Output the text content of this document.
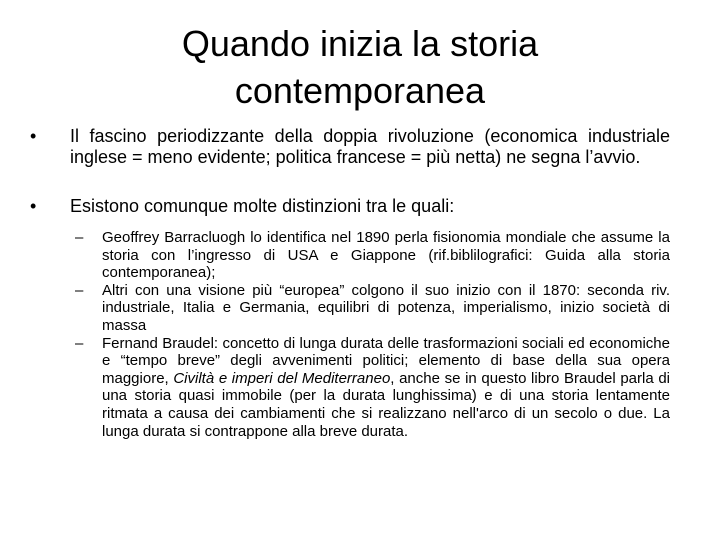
Quando inizia la storia
contemporanea
•	Il fascino periodizzante della doppia rivoluzione (economica industriale inglese = meno evidente; politica francese = più netta) ne segna l’avvio.
•	Esistono comunque molte distinzioni tra le quali:
– Geoffrey Barracluogh lo identifica nel 1890 perla fisionomia mondiale che assume la storia con l’ingresso di USA e Giappone (rif.biblilografici: Guida alla storia contemporanea);
– Altri con una visione più “europea” colgono il suo inizio con il 1870: seconda riv. industriale, Italia e Germania, equilibri di potenza, imperialismo, inizio società di massa
– Fernand Braudel: concetto di lunga durata delle trasformazioni sociali ed economiche e “tempo breve” degli avvenimenti politici; elemento di base della sua opera maggiore, Civiltà e imperi del Mediterraneo, anche se in questo libro Braudel parla di una storia quasi immobile (per la durata lunghissima) e di una storia lentamente ritmata a causa dei cambiamenti che si realizzano nell'arco di un secolo o due. La lunga durata si contrappone alla breve durata.
